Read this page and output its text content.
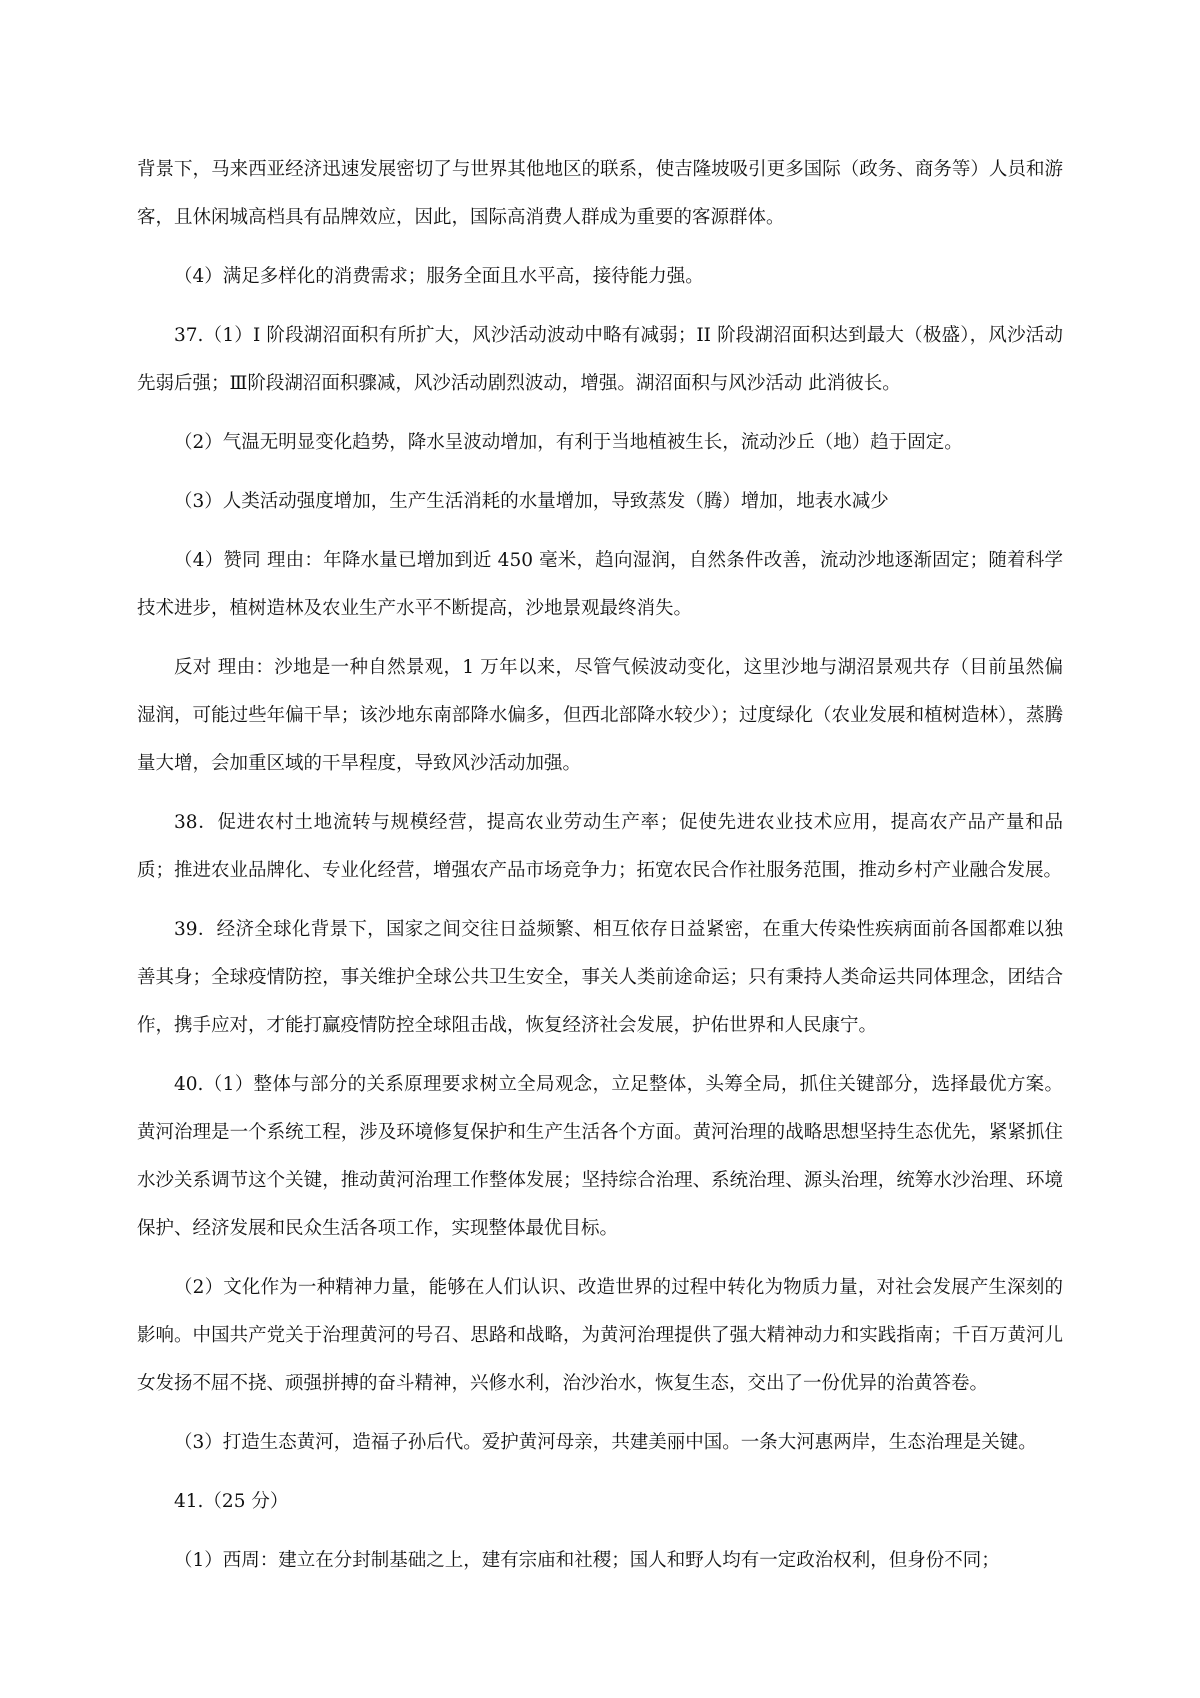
背景下，马来西亚经济迅速发展密切了与世界其他地区的联系，使吉隆坡吸引更多国际（政务、商务等）人员和游客，且休闲城高档具有品牌效应，因此，国际高消费人群成为重要的客源群体。

（4）满足多样化的消费需求；服务全面且水平高，接待能力强。

37.（1）I 阶段湖沼面积有所扩大，风沙活动波动中略有减弱；II 阶段湖沼面积达到最大（极盛），风沙活动先弱后强；Ⅲ阶段湖沼面积骤减，风沙活动剧烈波动，增强。湖沼面积与风沙活动 此消彼长。

（2）气温无明显变化趋势，降水呈波动增加，有利于当地植被生长，流动沙丘（地）趋于固定。

（3）人类活动强度增加，生产生活消耗的水量增加，导致蒸发（腾）增加，地表水减少

（4）赞同 理由：年降水量已增加到近 450 毫米，趋向湿润，自然条件改善，流动沙地逐渐固定；随着科学技术进步，植树造林及农业生产水平不断提高，沙地景观最终消失。

反对 理由：沙地是一种自然景观，1 万年以来，尽管气候波动变化，这里沙地与湖沼景观共存（目前虽然偏湿润，可能过些年偏干旱；该沙地东南部降水偏多，但西北部降水较少）；过度绿化（农业发展和植树造林），蒸腾量大增，会加重区域的干旱程度，导致风沙活动加强。

38．促进农村土地流转与规模经营，提高农业劳动生产率；促使先进农业技术应用，提高农产品产量和品质；推进农业品牌化、专业化经营，增强农产品市场竞争力；拓宽农民合作社服务范围，推动乡村产业融合发展。

39．经济全球化背景下，国家之间交往日益频繁、相互依存日益紧密，在重大传染性疾病面前各国都难以独善其身；全球疫情防控，事关维护全球公共卫生安全，事关人类前途命运；只有秉持人类命运共同体理念，团结合作，携手应对，才能打赢疫情防控全球阻击战，恢复经济社会发展，护佑世界和人民康宁。

40.（1）整体与部分的关系原理要求树立全局观念，立足整体，头筹全局，抓住关键部分，选择最优方案。黄河治理是一个系统工程，涉及环境修复保护和生产生活各个方面。黄河治理的战略思想坚持生态优先，紧紧抓住水沙关系调节这个关键，推动黄河治理工作整体发展；坚持综合治理、系统治理、源头治理，统筹水沙治理、环境保护、经济发展和民众生活各项工作，实现整体最优目标。

（2）文化作为一种精神力量，能够在人们认识、改造世界的过程中转化为物质力量，对社会发展产生深刻的影响。中国共产党关于治理黄河的号召、思路和战略，为黄河治理提供了强大精神动力和实践指南；千百万黄河儿女发扬不屈不挠、顽强拼搏的奋斗精神，兴修水利，治沙治水，恢复生态，交出了一份优异的治黄答卷。

（3）打造生态黄河，造福子孙后代。爱护黄河母亲，共建美丽中国。一条大河惠两岸，生态治理是关键。

41.（25 分）

（1）西周：建立在分封制基础之上，建有宗庙和社稷；国人和野人均有一定政治权利，但身份不同；
